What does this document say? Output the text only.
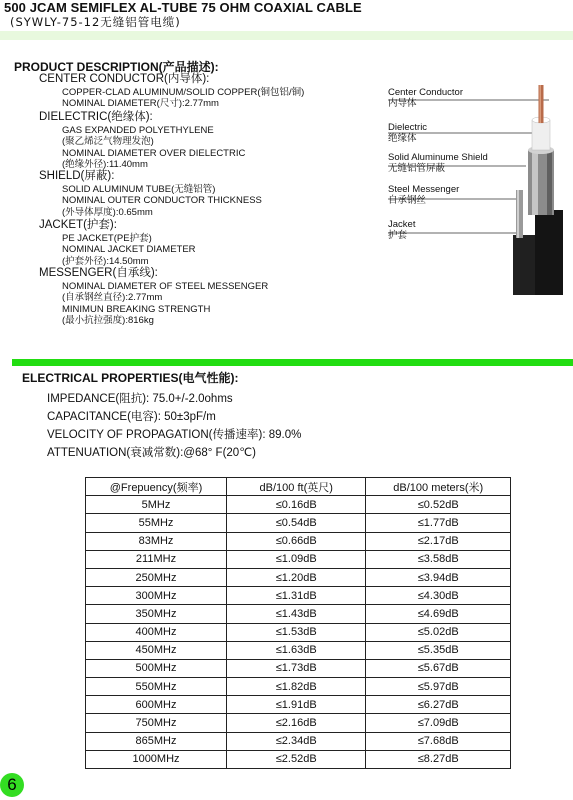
500 JCAM SEMIFLEX AL-TUBE 75 OHM COAXIAL CABLE
(SYWLY-75-12无缝铝管电缆)
PRODUCT DESCRIPTION(产品描述):
CENTER CONDUCTOR(内导体):
COPPER-CLAD ALUMINUM/SOLID COPPER(铜包铝/铜)
NOMINAL DIAMETER(尺寸):2.77mm
DIELECTRIC(绝缘体):
GAS EXPANDED POLYETHYLENE
(聚乙烯泛气物理发泡)
NOMINAL DIAMETER OVER DIELECTRIC
(绝缘外径):11.40mm
SHIELD(屏蔽):
SOLID ALUMINUM TUBE(无缝铝管)
NOMINAL OUTER CONDUCTOR THICKNESS
(外导体厚度):0.65mm
JACKET(护套):
PE JACKET(PE护套)
NOMINAL JACKET DIAMETER
(护套外径):14.50mm
MESSENGER(自承线):
NOMINAL DIAMETER OF STEEL MESSENGER
(自承钢丝直径):2.77mm
MINIMUN BREAKING STRENGTH
(最小抗拉强度):816kg
Center Conductor
内导体
Dielectric
绝缘体
Solid Aluminume Shield
无缝铝管屏蔽
Steel Messenger
自承钢丝
Jacket
护套
ELECTRICAL PROPERTIES(电气性能):
IMPEDANCE(阻抗): 75.0+/-2.0ohms
CAPACITANCE(电容): 50±3pF/m
VELOCITY OF PROPAGATION(传播速率): 89.0%
ATTENUATION(衰减常数):@68° F(20℃)
@Frepuency(频率)	dB/100 ft(英尺)	dB/100 meters(米)
5MHz	≤0.16dB	≤0.52dB
55MHz	≤0.54dB	≤1.77dB
83MHz	≤0.66dB	≤2.17dB
211MHz	≤1.09dB	≤3.58dB
250MHz	≤1.20dB	≤3.94dB
300MHz	≤1.31dB	≤4.30dB
350MHz	≤1.43dB	≤4.69dB
400MHz	≤1.53dB	≤5.02dB
450MHz	≤1.63dB	≤5.35dB
500MHz	≤1.73dB	≤5.67dB
550MHz	≤1.82dB	≤5.97dB
600MHz	≤1.91dB	≤6.27dB
750MHz	≤2.16dB	≤7.09dB
865MHz	≤2.34dB	≤7.68dB
1000MHz	≤2.52dB	≤8.27dB
6
